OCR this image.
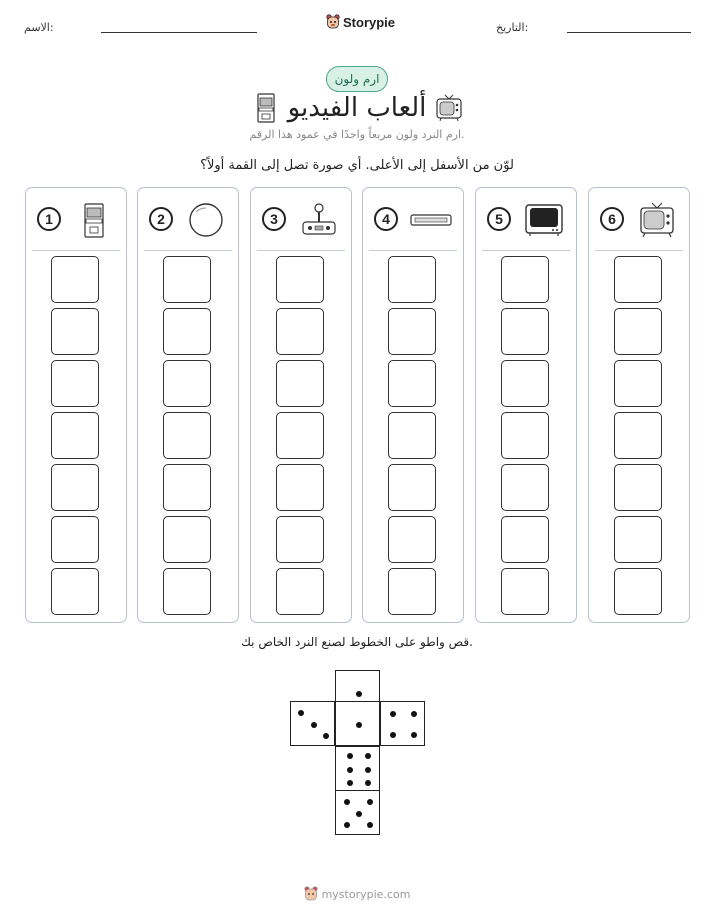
الاسم:	Storypie	التاريخ:
ارم ولون
ألعاب الفيديو
ارم النرد ولون مربعاً واحدًا في عمود هذا الرقم.
لوّن من الأسفل إلى الأعلى. أي صورة تصل إلى القمة أولاً؟
1	2	3	4	5	6
قص واطو على الخطوط لصنع النرد الخاص بك.
mystorypie.com
